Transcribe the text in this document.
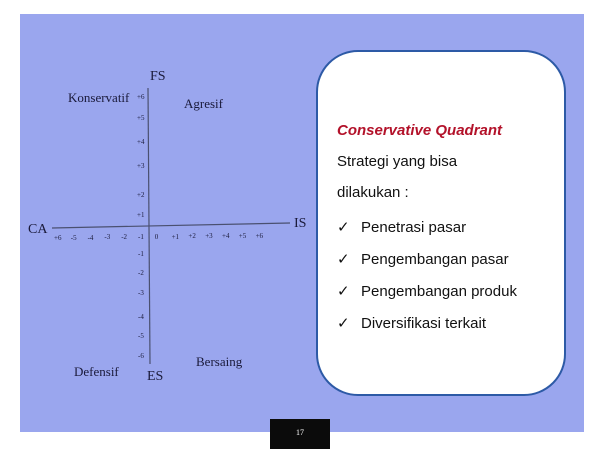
FS
ES
CA	IS
Konservatif	Agresif
Defensif
Bersaing
+6 -5 -4 -3 -2 -1 0 +1 +2 +3 +4 +5 +6
+6
+5
+4
+3
+2
+1
-1
-2
-3
-4
-5
-6
Conservative Quadrant
Strategi yang bisa
dilakukan :
✓ Penetrasi pasar
✓ Pengembangan pasar
✓ Pengembangan produk
✓ Diversifikasi terkait
17
